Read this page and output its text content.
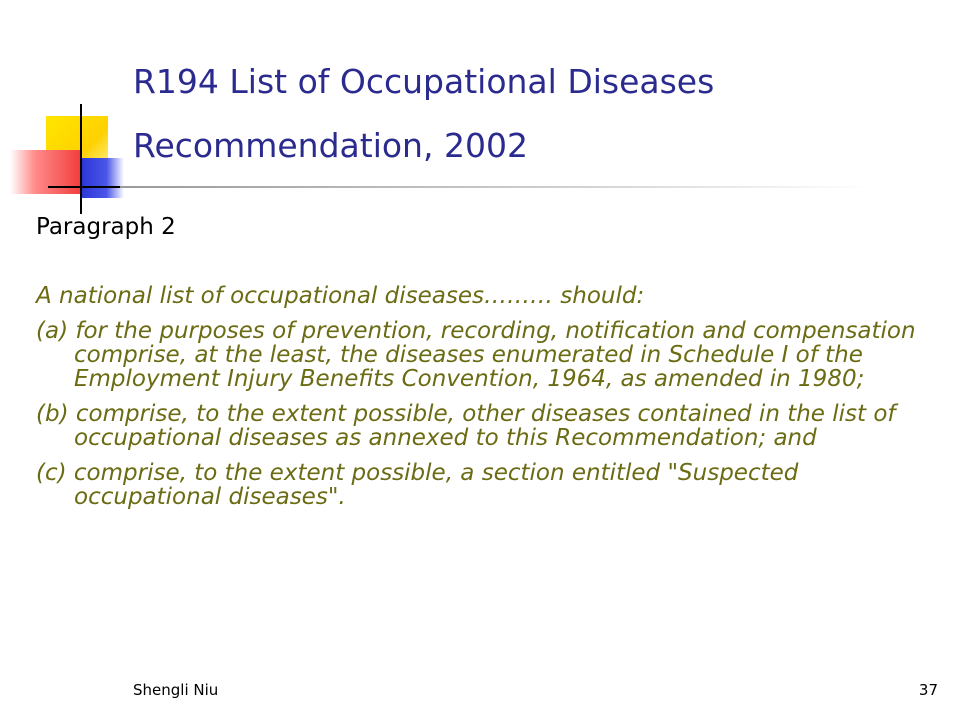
R194 List of Occupational Diseases
Recommendation, 2002
Paragraph 2

A national list of occupational diseases……… should:

(a) for the purposes of prevention, recording, notification and compensation comprise, at the least, the diseases enumerated in Schedule I of the Employment Injury Benefits Convention, 1964, as amended in 1980;

(b) comprise, to the extent possible, other diseases contained in the list of occupational diseases as annexed to this Recommendation; and

(c) comprise, to the extent possible, a section entitled "Suspected occupational diseases".

Shengli Niu	37
